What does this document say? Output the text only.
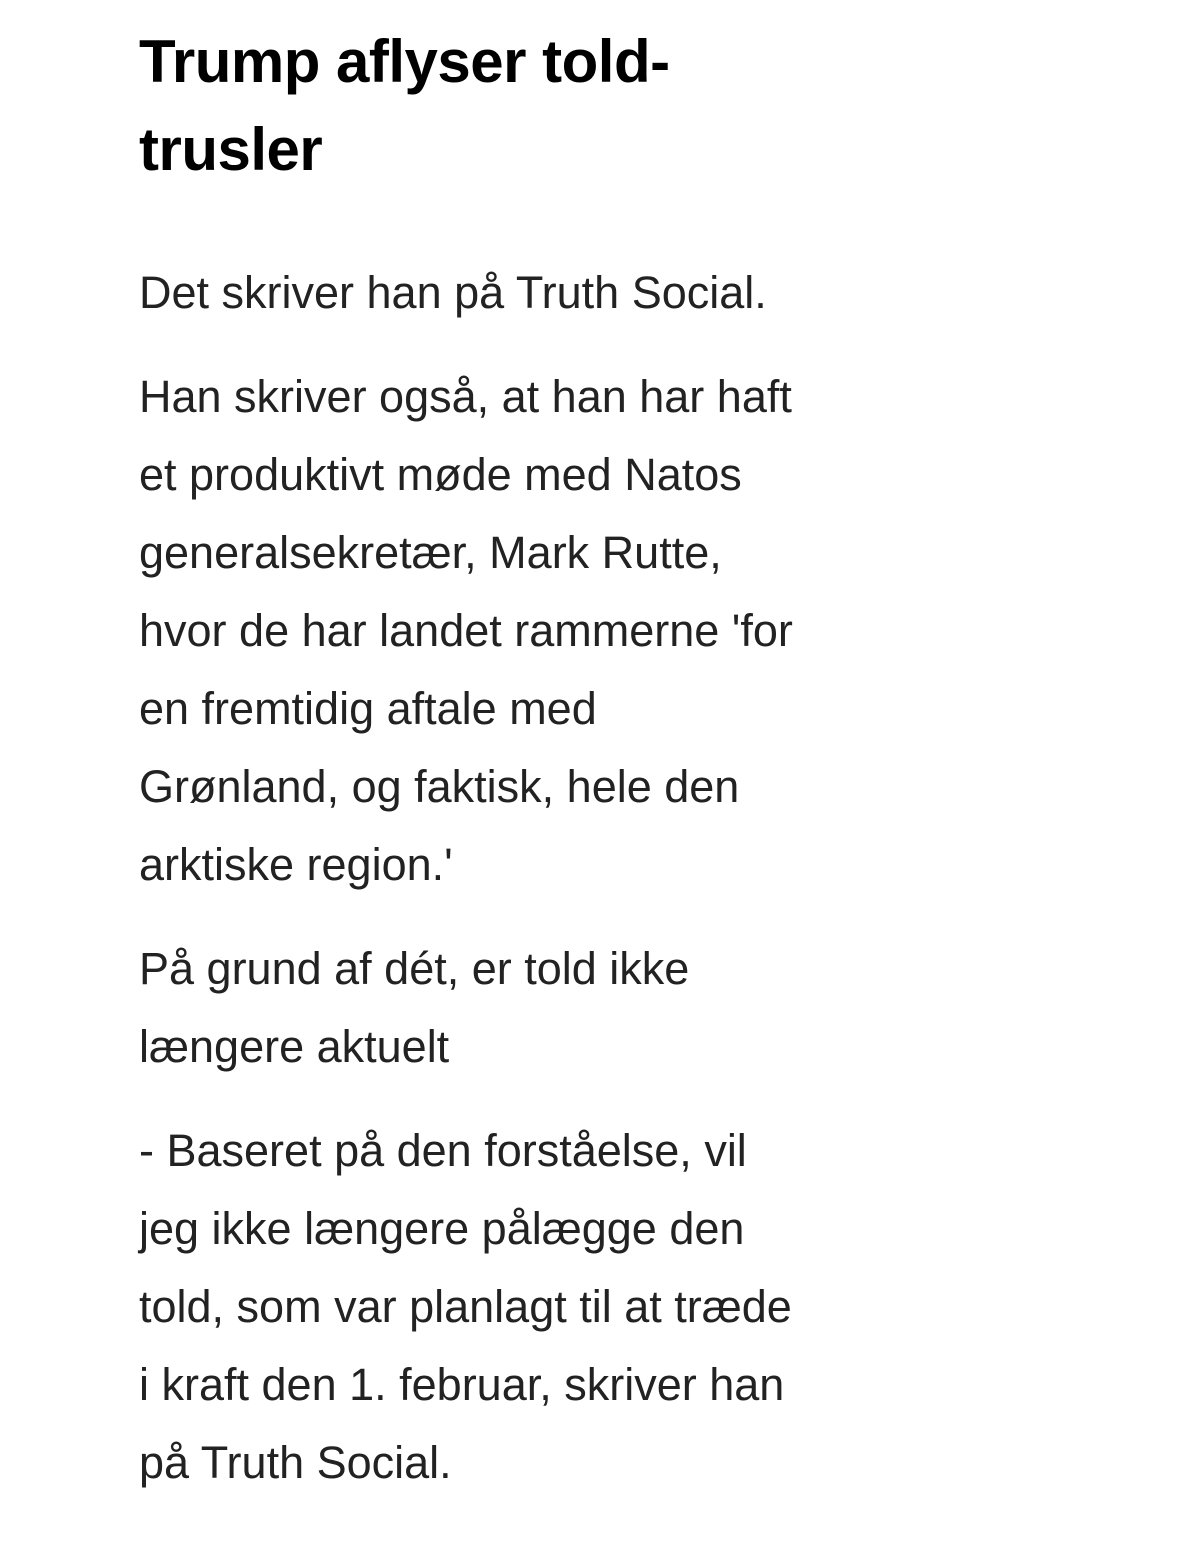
Trump aflyser told-
trusler

Det skriver han på Truth Social.

Han skriver også, at han har haft
et produktivt møde med Natos
generalsekretær, Mark Rutte,
hvor de har landet rammerne 'for
en fremtidig aftale med
Grønland, og faktisk, hele den
arktiske region.'

På grund af dét, er told ikke
længere aktuelt

- Baseret på den forståelse, vil
jeg ikke længere pålægge den
told, som var planlagt til at træde
i kraft den 1. februar, skriver han
på Truth Social.
